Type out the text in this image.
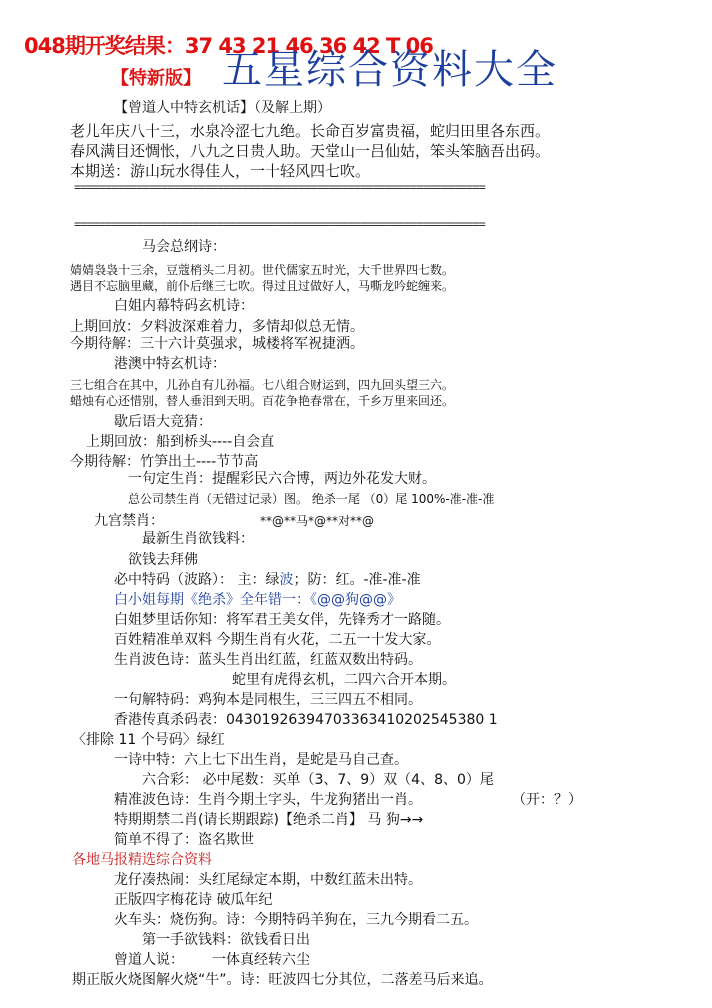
048期开奖结果：37 43 21 46 36 42 T 06
【特新版】 五星综合资料大全
【曾道人中特玄机话】（及解上期）
老儿年庆八十三，水泉冷涩七九绝。长命百岁富贵福，蛇归田里各东西。
春风满目还惆怅，八九之日贵人助。天堂山一吕仙姑，笨头笨脑吾出码。
本期送：游山玩水得佳人，一十轻风四七吹。
==================================================================
==================================================================
马会总纲诗：
婧婧袅袅十三余，豆蔻梢头二月初。世代儒家五时光，大千世界四七数。
遇目不忘脑里藏，前仆后继三七吹。得过且过做好人，马嘶龙吟蛇缠来。
白姐内幕特码玄机诗：
上期回放：夕料波深难着力，多情却似总无情。
今期待解：三十六计莫强求，城楼将军祝捷洒。
港澳中特玄机诗：
三七组合在其中，儿孙自有儿孙福。七八组合财运到，四九回头望三六。
蜡烛有心还惜别，替人垂泪到天明。百花争艳春常在，千乡万里来回还。
歇后语大竞猜：
上期回放：船到桥头----自会直
今期待解：竹笋出土----节节高
一句定生肖：提醒彩民六合博，两边外花发大财。
总公司禁生肖（无错过记录）图。 绝杀一尾 （0）尾 100%-准-准-准
九宫禁肖：	**@**马*@**对**@
最新生肖欲钱料：
欲钱去拜佛
必中特码（波路）： 主：绿波；防：红。-准-准-准
白小姐每期《绝杀》全年错一：《@@狗@@》
白姐梦里话你知：将军君王美女伴，先锋秀才一路随。
百姓精准单双料 今期生肖有火花，二五一十发大家。
生肖波色诗：蓝头生肖出红蓝，红蓝双数出特码。
蛇里有虎得玄机，二四六合开本期。
一句解特码：鸡狗本是同根生，三三四五不相同。
香港传真杀码表：04301926394703363410202545380 1
〈排除 11 个号码〉绿红
一诗中特：六上七下出生肖，是蛇是马自己查。
六合彩： 必中尾数：买单（3、7、9）双（4、8、0）尾
精准波色诗：生肖今期土字头，牛龙狗猪出一肖。	（开：？）
特期期禁二肖(请长期跟踪)【绝杀二肖】 马 狗→→
简单不得了：盗名欺世
各地马报精选综合资料
龙仔凑热闹：头红尾绿定本期，中数红蓝未出特。
正版四字梅花诗 破瓜年纪
火车头：烧伤狗。诗：今期特码羊狗在，三九今期看二五。
第一手欲钱料：欲钱看日出
曾道人说： 一体真经转六尘
期正版火烧图解火烧“牛”。诗：旺波四七分其位，二落差马后来追。
